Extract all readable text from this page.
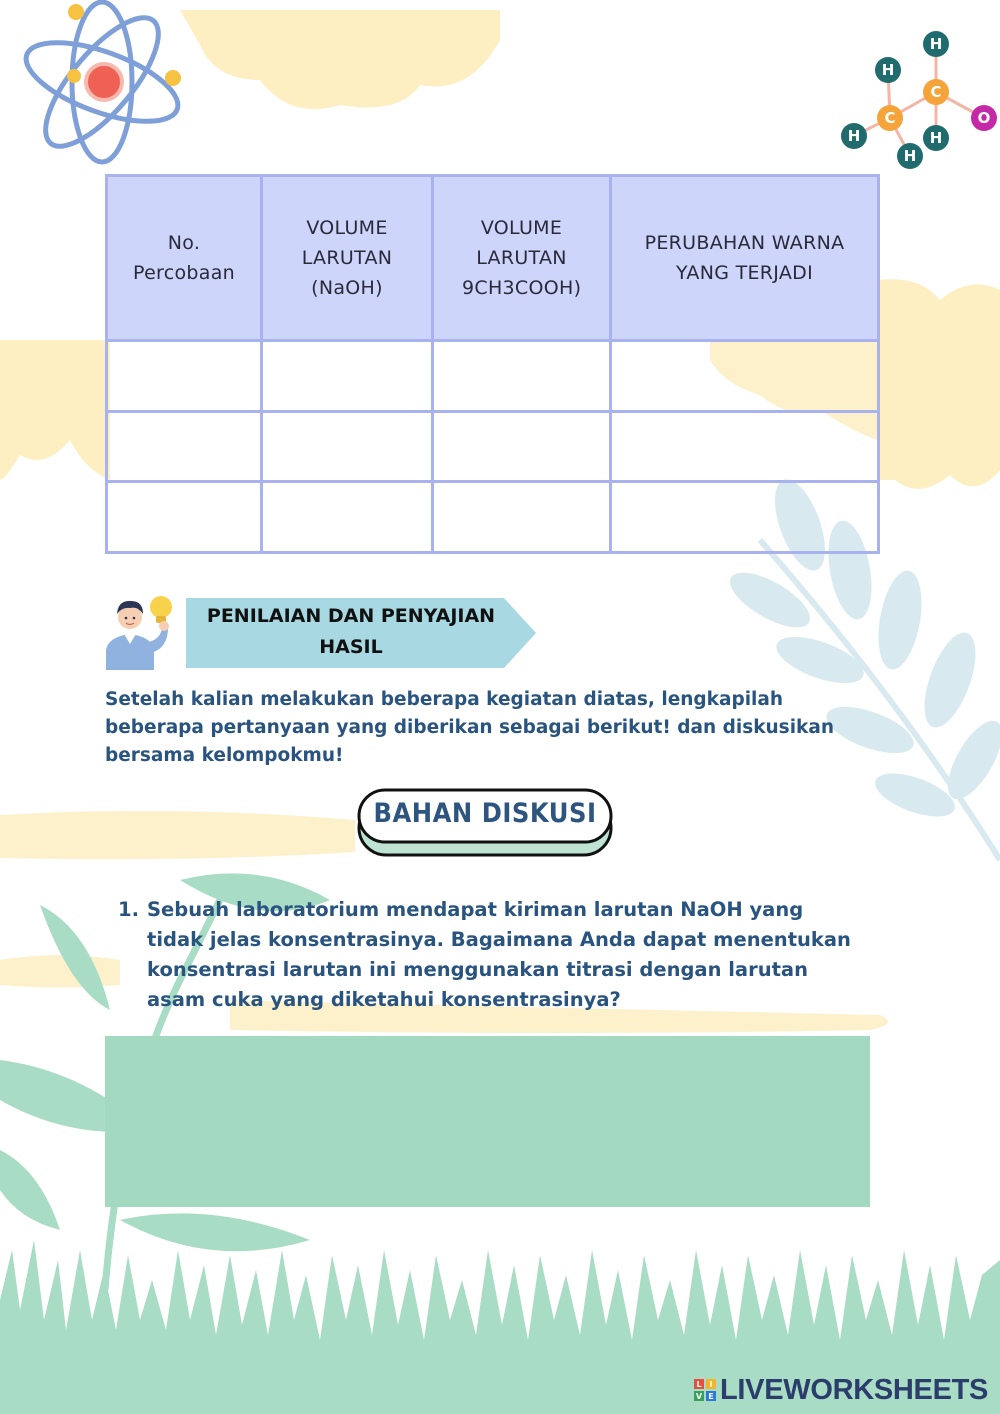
H
H
C
C
H	H
H
O
No. Percobaan	VOLUME LARUTAN (NaOH)	VOLUME LARUTAN 9CH3COOH)	PERUBAHAN WARNA YANG TERJADI

PENILAIAN DAN PENYAJIAN HASIL
Setelah kalian melakukan beberapa kegiatan diatas, lengkapilah beberapa pertanyaan yang diberikan sebagai berikut! dan diskusikan bersama kelompokmu!
BAHAN DISKUSI
1. Sebuah laboratorium mendapat kiriman larutan NaOH yang tidak jelas konsentrasinya. Bagaimana Anda dapat menentukan konsentrasi larutan ini menggunakan titrasi dengan larutan asam cuka yang diketahui konsentrasinya?
L I
V E LIVEWORKSHEETS
